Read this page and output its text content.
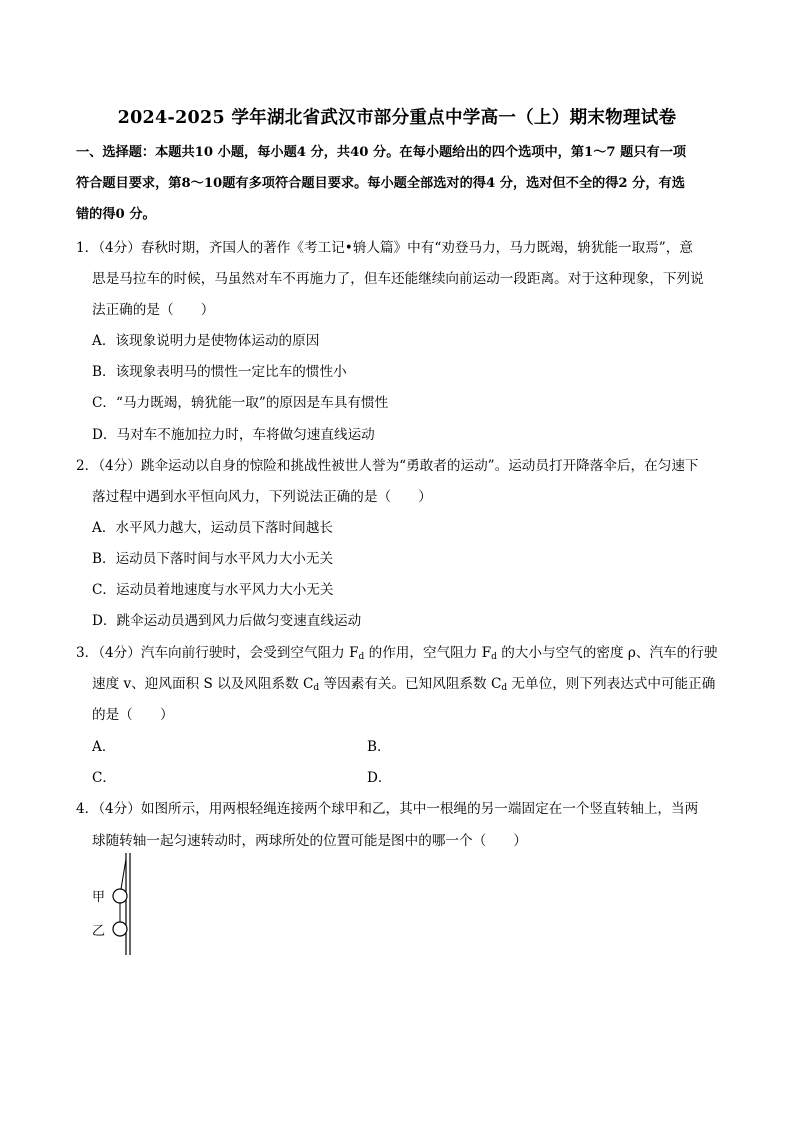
2024-2025 学年湖北省武汉市部分重点中学高一（上）期末物理试卷
一、选择题：本题共10 小题，每小题4 分，共40 分。在每小题给出的四个选项中，第1～7 题只有一项
符合题目要求，第8～10题有多项符合题目要求。每小题全部选对的得4 分，选对但不全的得2 分，有选
错的得0 分。
1．（4分）春秋时期，齐国人的著作《考工记•辀人篇》中有“劝登马力，马力既竭，辀犹能一取焉”，意
思是马拉车的时候，马虽然对车不再施力了，但车还能继续向前运动一段距离。对于这种现象，下列说
法正确的是（　　）
A．该现象说明力是使物体运动的原因
B．该现象表明马的惯性一定比车的惯性小
C．“马力既竭，辀犹能一取”的原因是车具有惯性
D．马对车不施加拉力时，车将做匀速直线运动
2．（4分）跳伞运动以自身的惊险和挑战性被世人誉为“勇敢者的运动”。运动员打开降落伞后，在匀速下
落过程中遇到水平恒向风力，下列说法正确的是（　　）
A．水平风力越大，运动员下落时间越长
B．运动员下落时间与水平风力大小无关
C．运动员着地速度与水平风力大小无关
D．跳伞运动员遇到风力后做匀变速直线运动
3．（4分）汽车向前行驶时，会受到空气阻力 $F_d$ 的作用，空气阻力 $F_d$ 的大小与空气的密度 ρ、汽车的行驶
速度 v、迎风面积 S 以及风阻系数 $C_d$ 等因素有关。已知风阻系数 $C_d$ 无单位，则下列表达式中可能正确
的是（　　）
A．	B．
C．	D．
4．（4分）如图所示，用两根轻绳连接两个球甲和乙，其中一根绳的另一端固定在一个竖直转轴上，当两
球随转轴一起匀速转动时，两球所处的位置可能是图中的哪一个（　　）
甲
乙
